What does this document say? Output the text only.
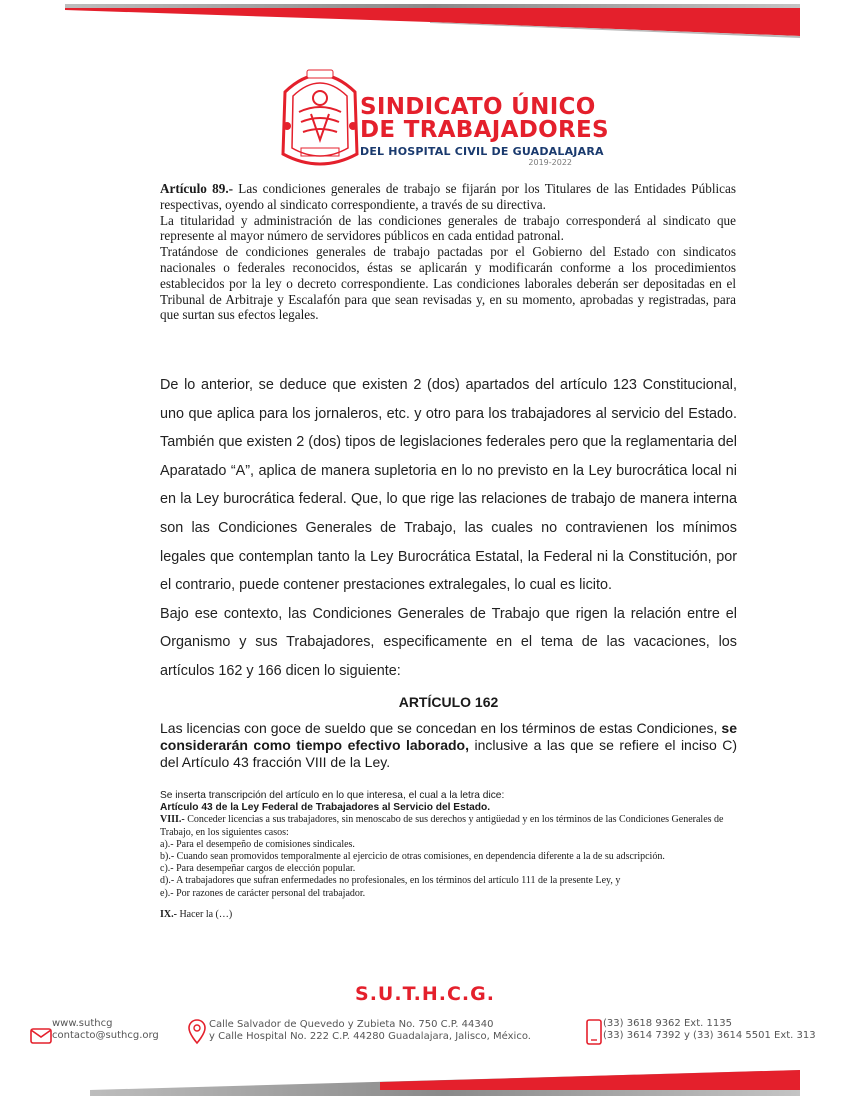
SINDICATO ÚNICO
DE TRABAJADORES
DEL HOSPITAL CIVIL DE GUADALAJARA
2019-2022

Artículo 89.- Las condiciones generales de trabajo se fijarán por los Titulares de las Entidades Públicas respectivas, oyendo al sindicato correspondiente, a través de su directiva.

La titularidad y administración de las condiciones generales de trabajo corresponderá al sindicato que represente al mayor número de servidores públicos en cada entidad patronal.

Tratándose de condiciones generales de trabajo pactadas por el Gobierno del Estado con sindicatos nacionales o federales reconocidos, éstas se aplicarán y modificarán conforme a los procedimientos establecidos por la ley o decreto correspondiente. Las condiciones laborales deberán ser depositadas en el Tribunal de Arbitraje y Escalafón para que sean revisadas y, en su momento, aprobadas y registradas, para que surtan sus efectos legales.

De lo anterior, se deduce que existen 2 (dos) apartados del artículo 123 Constitucional, uno que aplica para los jornaleros, etc. y otro para los trabajadores al servicio del Estado. También que existen 2 (dos) tipos de legislaciones federales pero que la reglamentaria del Aparatado “A”, aplica de manera supletoria en lo no previsto en la Ley burocrática local ni en la Ley burocrática federal. Que, lo que rige las relaciones de trabajo de manera interna son las Condiciones Generales de Trabajo, las cuales no contravienen los mínimos legales que contemplan tanto la Ley Burocrática Estatal, la Federal ni la Constitución, por el contrario, puede contener prestaciones extralegales, lo cual es licito.

Bajo ese contexto, las Condiciones Generales de Trabajo que rigen la relación entre el Organismo y sus Trabajadores, especificamente en el tema de las vacaciones, los artículos 162 y 166 dicen lo siguiente:

ARTÍCULO 162
Las licencias con goce de sueldo que se concedan en los términos de estas Condiciones, se considerarán como tiempo efectivo laborado, inclusive a las que se refiere el inciso C) del Artículo 43 fracción VIII de la Ley.

Se inserta transcripción del artículo en lo que interesa, el cual a la letra dice:

Artículo 43 de la Ley Federal de Trabajadores al Servicio del Estado.

VIII.- Conceder licencias a sus trabajadores, sin menoscabo de sus derechos y antigüedad y en los términos de las Condiciones Generales de Trabajo, en los siguientes casos:

a).- Para el desempeño de comisiones sindicales.

b).- Cuando sean promovidos temporalmente al ejercicio de otras comisiones, en dependencia diferente a la de su adscripción.

c).- Para desempeñar cargos de elección popular.

d).- A trabajadores que sufran enfermedades no profesionales, en los términos del artículo 111 de la presente Ley, y

e).- Por razones de carácter personal del trabajador.

IX.- Hacer la (…)

S.U.T.H.C.G.
www.suthcg
contacto@suthcg.org
Calle Salvador de Quevedo y Zubieta No. 750 C.P. 44340
y Calle Hospital No. 222 C.P. 44280 Guadalajara, Jalisco, México.
(33) 3618 9362 Ext. 1135
(33) 3614 7392 y (33) 3614 5501 Ext. 313
